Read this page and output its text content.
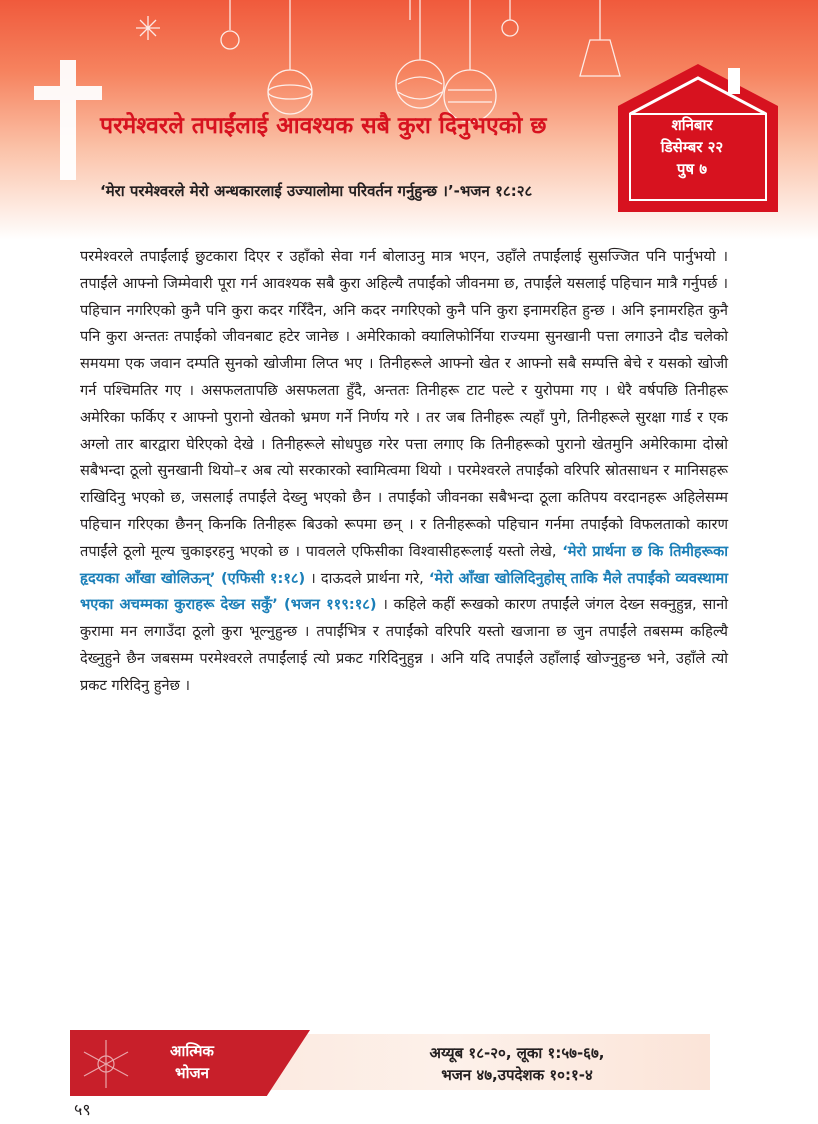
परमेश्वरले तपाईंलाई आवश्यक सबै कुरा दिनुभएको छ

‘मेरा परमेश्वरले मेरो अन्धकारलाई उज्यालोमा परिवर्तन गर्नुहुन्छ ।’-भजन १८:२८

शनिबार
डिसेम्बर २२
पुष ७

परमेश्वरले तपाईंलाई छुटकारा दिएर र उहाँको सेवा गर्न बोलाउनु मात्र भएन, उहाँले तपाईंलाई सुसज्जित पनि पार्नुभयो । तपाईंले आफ्नो जिम्मेवारी पूरा गर्न आवश्यक सबै कुरा अहिल्यै तपाईंको जीवनमा छ, तपाईंले यसलाई पहिचान मात्रै गर्नुपर्छ । पहिचान नगरिएको कुनै पनि कुरा कदर गरिँदैन, अनि कदर नगरिएको कुनै पनि कुरा इनामरहित हुन्छ । अनि इनामरहित कुनै पनि कुरा अन्ततः तपाईंको जीवनबाट हटेर जानेछ । अमेरिकाको क्यालिफोर्निया राज्यमा सुनखानी पत्ता लगाउने दौड चलेको समयमा एक जवान दम्पति सुनको खोजीमा लिप्त भए । तिनीहरूले आफ्नो खेत र आफ्नो सबै सम्पत्ति बेचे र यसको खोजी गर्न पश्चिमतिर गए । असफलतापछि असफलता हुँदै, अन्ततः तिनीहरू टाट पल्टे र युरोपमा गए । धेरै वर्षपछि तिनीहरू अमेरिका फर्किए र आफ्नो पुरानो खेतको भ्रमण गर्ने निर्णय गरे । तर जब तिनीहरू त्यहाँ पुगे, तिनीहरूले सुरक्षा गार्ड र एक अग्लो तार बारद्वारा घेरिएको देखे । तिनीहरूले सोधपुछ गरेर पत्ता लगाए कि तिनीहरूको पुरानो खेतमुनि अमेरिकामा दोस्रो सबैभन्दा ठूलो सुनखानी थियो–र अब त्यो सरकारको स्वामित्वमा थियो । परमेश्वरले तपाईंको वरिपरि स्रोतसाधन र मानिसहरू राखिदिनु भएको छ, जसलाई तपाईंले देख्नु भएको छैन । तपाईंको जीवनका सबैभन्दा ठूला कतिपय वरदानहरू अहिलेसम्म पहिचान गरिएका छैनन् किनकि तिनीहरू बिउको रूपमा छन् । र तिनीहरूको पहिचान गर्नमा तपाईंको विफलताको कारण तपाईंले ठूलो मूल्य चुकाइरहनु भएको छ । पावलले एफिसीका विश्वासीहरूलाई यस्तो लेखे, ‘मेरो प्रार्थना छ कि तिमीहरूका हृदयका आँखा खोलिऊन्’ (एफिसी १:१८) । दाऊदले प्रार्थना गरे, ‘मेरो आँखा खोलिदिनुहोस् ताकि मैले तपाईंको व्यवस्थामा भएका अचम्मका कुराहरू देख्न सकुँ’ (भजन ११९:१८) । कहिले कहीं रूखको कारण तपाईंले जंगल देख्न सक्नुहुन्न, सानो कुरामा मन लगाउँदा ठूलो कुरा भूल्नुहुन्छ । तपाईंभित्र र तपाईंको वरिपरि यस्तो खजाना छ जुन तपाईंले तबसम्म कहिल्यै देख्नुहुने छैन जबसम्म परमेश्वरले तपाईंलाई त्यो प्रकट गरिदिनुहुन्न । अनि यदि तपाईंले उहाँलाई खोज्नुहुन्छ भने, उहाँले त्यो प्रकट गरिदिनु हुनेछ ।

आत्मिक
भोजन
अय्यूब १८-२०, लूका १:५७-६७,
भजन ४७,उपदेशक १०:१-४
५९
